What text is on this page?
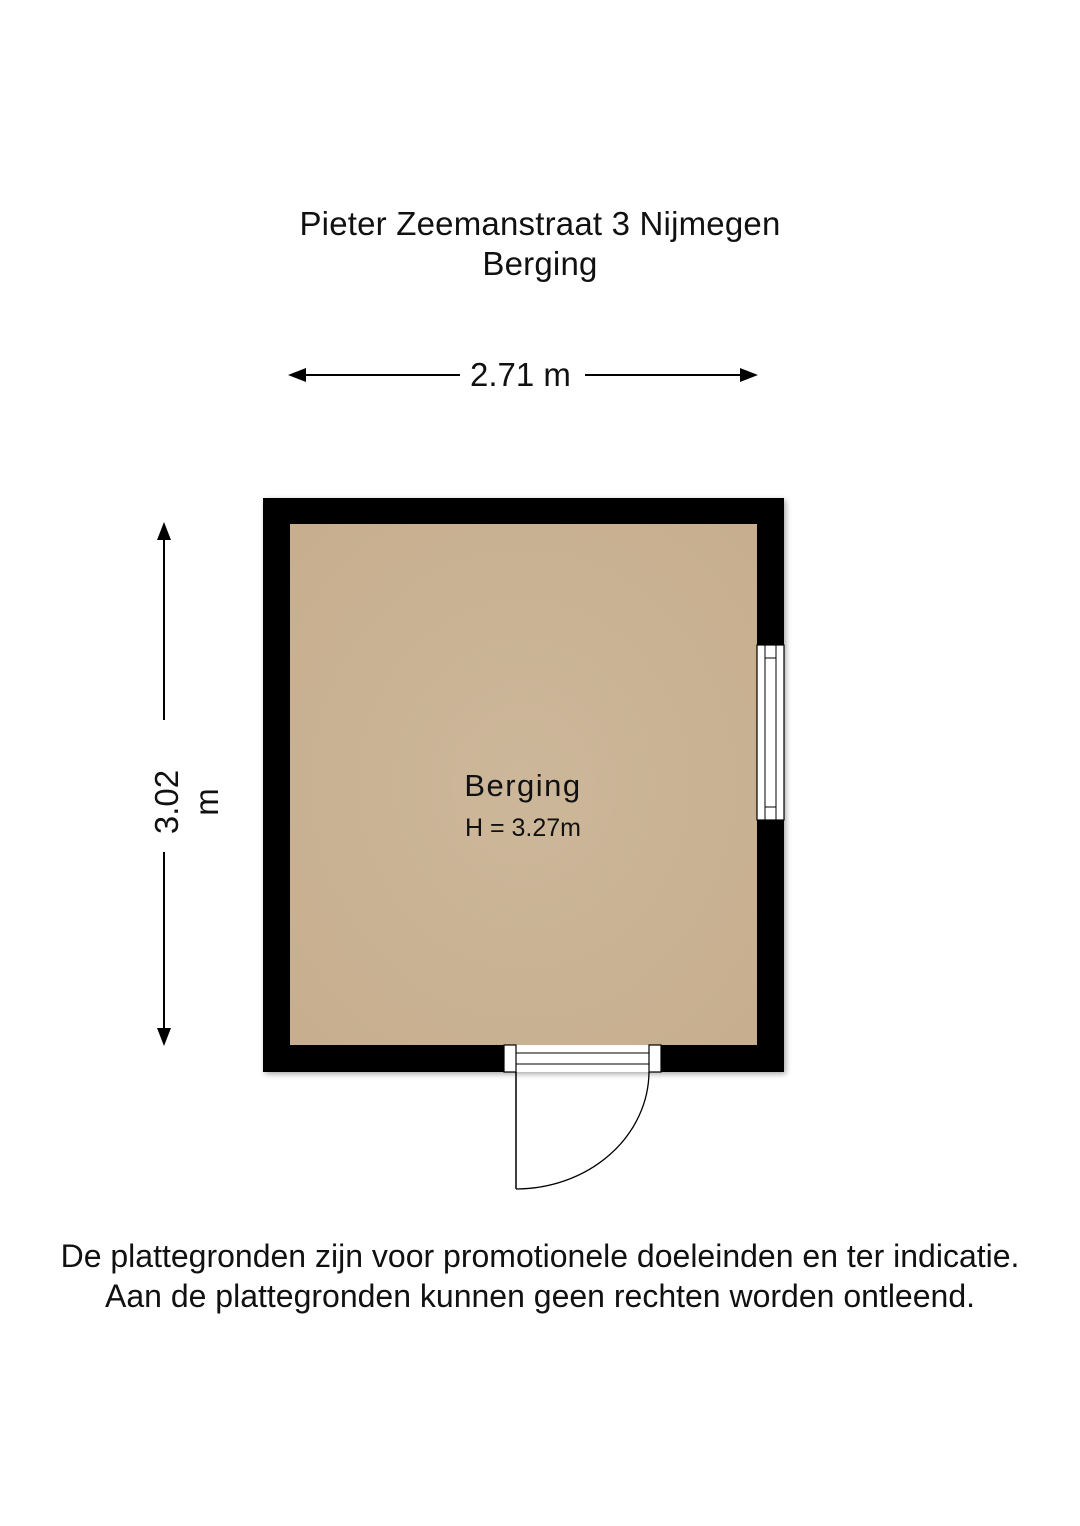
Pieter Zeemanstraat 3 Nijmegen
Berging
2.71 m
3.02 m	Berging
H = 3.27m
De plattegronden zijn voor promotionele doeleinden en ter indicatie.
Aan de plattegronden kunnen geen rechten worden ontleend.
